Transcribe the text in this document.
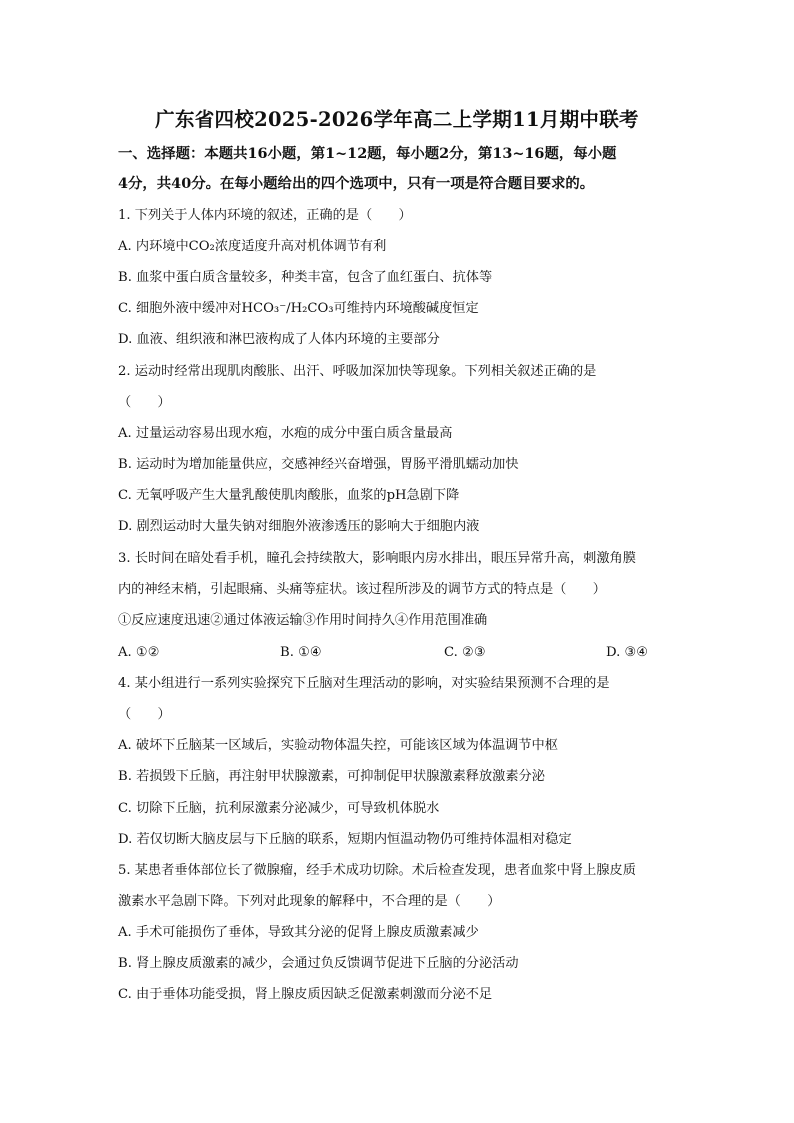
广东省四校2025-2026学年高二上学期11月期中联考
一、选择题：本题共16小题，第1~12题，每小题2分，第13~16题，每小题
4分，共40分。在每小题给出的四个选项中，只有一项是符合题目要求的。
1. 下列关于人体内环境的叙述，正确的是（　　）
A. 内环境中CO₂浓度适度升高对机体调节有利
B. 血浆中蛋白质含量较多，种类丰富，包含了血红蛋白、抗体等
C. 细胞外液中缓冲对HCO₃⁻/H₂CO₃可维持内环境酸碱度恒定
D. 血液、组织液和淋巴液构成了人体内环境的主要部分
2. 运动时经常出现肌肉酸胀、出汗、呼吸加深加快等现象。下列相关叙述正确的是
（　　）
A. 过量运动容易出现水疱，水疱的成分中蛋白质含量最高
B. 运动时为增加能量供应，交感神经兴奋增强，胃肠平滑肌蠕动加快
C. 无氧呼吸产生大量乳酸使肌肉酸胀，血浆的pH急剧下降
D. 剧烈运动时大量失钠对细胞外液渗透压的影响大于细胞内液
3. 长时间在暗处看手机，瞳孔会持续散大，影响眼内房水排出，眼压异常升高，刺激角膜
内的神经末梢，引起眼痛、头痛等症状。该过程所涉及的调节方式的特点是（　　）
①反应速度迅速②通过体液运输③作用时间持久④作用范围准确
A. ①②	B. ①④	C. ②③	D. ③④
4. 某小组进行一系列实验探究下丘脑对生理活动的影响，对实验结果预测不合理的是
（　　）
A. 破坏下丘脑某一区域后，实验动物体温失控，可能该区域为体温调节中枢
B. 若损毁下丘脑，再注射甲状腺激素，可抑制促甲状腺激素释放激素分泌
C. 切除下丘脑，抗利尿激素分泌减少，可导致机体脱水
D. 若仅切断大脑皮层与下丘脑的联系，短期内恒温动物仍可维持体温相对稳定
5. 某患者垂体部位长了微腺瘤，经手术成功切除。术后检查发现，患者血浆中肾上腺皮质
激素水平急剧下降。下列对此现象的解释中，不合理的是（　　）
A. 手术可能损伤了垂体，导致其分泌的促肾上腺皮质激素减少
B. 肾上腺皮质激素的减少，会通过负反馈调节促进下丘脑的分泌活动
C. 由于垂体功能受损，肾上腺皮质因缺乏促激素刺激而分泌不足
